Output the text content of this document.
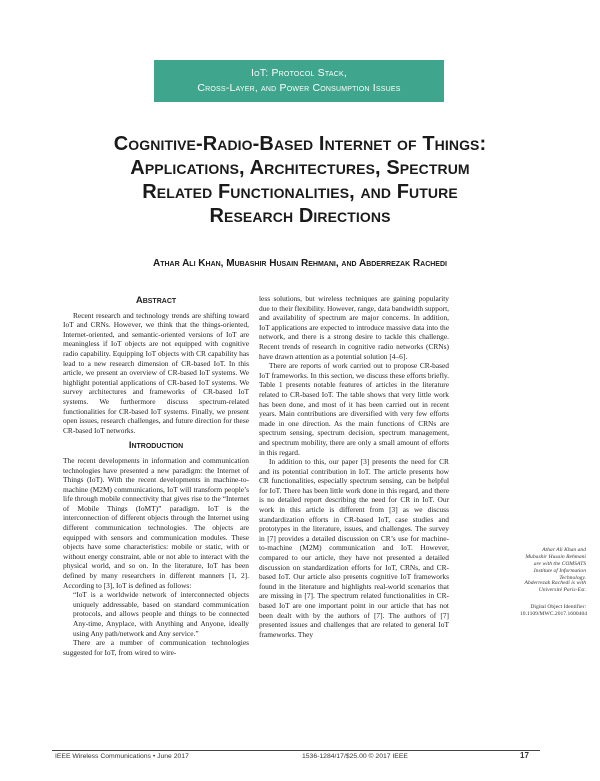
IoT: Protocol Stack,
Cross-Layer, and Power Consumption Issues
Cognitive-Radio-Based Internet of Things:
Applications, Architectures, Spectrum
Related Functionalities, and Future
Research Directions
Athar Ali Khan, Mubashir Husain Rehmani, and Abderrezak Rachedi
Abstract

Recent research and technology trends are shifting toward IoT and CRNs. However, we think that the things-oriented, Internet-oriented, and semantic-oriented versions of IoT are meaningless if IoT objects are not equipped with cognitive radio capability. Equipping IoT objects with CR capability has lead to a new research dimension of CR-based IoT. In this article, we present an overview of CR-based IoT systems. We highlight potential applications of CR-based IoT systems. We survey architectures and frameworks of CR-based IoT systems. We furthermore discuss spectrum-related functionalities for CR-based IoT systems. Finally, we present open issues, research challenges, and future direction for these CR-based IoT networks.

Introduction

The recent developments in information and communication technologies have presented a new paradigm: the Internet of Things (IoT). With the recent developments in machine-to-machine (M2M) communications, IoT will transform people’s life through mobile connectivity that gives rise to the “Internet of Mobile Things (IoMT)” paradigm. IoT is the interconnection of different objects through the Internet using different communication technologies. The objects are equipped with sensors and communication modules. These objects have some characteristics: mobile or static, with or without energy constraint, able or not able to interact with the physical world, and so on. In the literature, IoT has been defined by many researchers in different manners [1, 2]. According to [3], IoT is defined as follows:

“IoT is a worldwide network of interconnected objects uniquely addressable, based on standard communication protocols, and allows people and things to be connected Any-time, Anyplace, with Anything and Anyone, ideally using Any path/network and Any service.”

There are a number of communication technologies suggested for IoT, from wired to wire-

less solutions, but wireless techniques are gaining popularity due to their flexibility. However, range, data bandwidth support, and availability of spectrum are major concerns. In addition, IoT applications are expected to introduce massive data into the network, and there is a strong desire to tackle this challenge. Recent trends of research in cognitive radio networks (CRNs) have drawn attention as a potential solution [4–6].

There are reports of work carried out to propose CR-based IoT frameworks. In this section, we discuss these efforts briefly. Table 1 presents notable features of articles in the literature related to CR-based IoT. The table shows that very little work has been done, and most of it has been carried out in recent years. Main contributions are diversified with very few efforts made in one direction. As the main functions of CRNs are spectrum sensing, spectrum decision, spectrum management, and spectrum mobility, there are only a small amount of efforts in this regard.

In addition to this, our paper [3] presents the need for CR and its potential contribution in IoT. The article presents how CR functionalities, especially spectrum sensing, can be helpful for IoT. There has been little work done in this regard, and there is no detailed report describing the need for CR in IoT. Our work in this article is different from [3] as we discuss standardization efforts in CR-based IoT, case studies and prototypes in the literature, issues, and challenges. The survey in [7] provides a detailed discussion on CR’s use for machine-to-machine (M2M) communication and IoT. However, compared to our article, they have not presented a detailed discussion on standardization efforts for IoT, CRNs, and CR-based IoT. Our article also presents cognitive IoT frameworks found in the literature and highlights real-world scenarios that are missing in [7]. The spectrum related functionalities in CR-based IoT are one important point in our article that has not been dealt with by the authors of [7]. The authors of [7] presented issues and challenges that are related to general IoT frameworks. They

Athar Ali Khan and Mubashir Husain Rehmani are with the COMSATS Institute of Information Technology.
Abderrezak Rachedi is with Université Paris-Est.
Digital Object Identifier:
10.1109/MWC.2017.1600404
IEEE Wireless Communications • June 2017	1536-1284/17/$25.00 © 2017 IEEE	17
